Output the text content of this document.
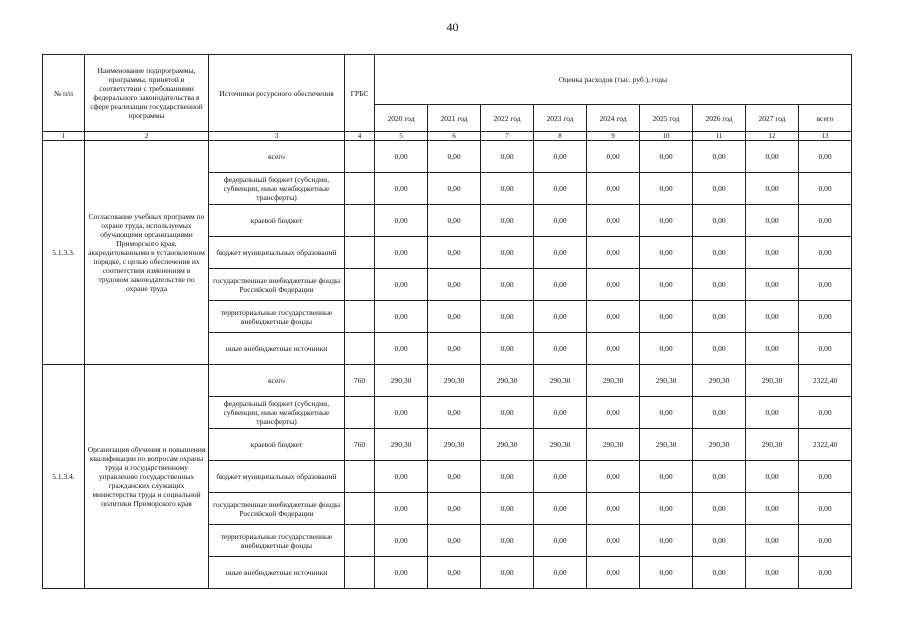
40
№ п/п	Наименование подпрограммы, программы, принятой в соответствии с требованиями федерального законодательства в сфере реализации государственной программы	Источники ресурсного обеспечения	ГРБС	Оценка расходов (тыс. руб.), годы								
				2020 год	2021 год	2022 год	2023 год	2024 год	2025 год	2026 год	2027 год	всего
1	2	3	4	5	6	7	8	9	10	11	12	13
5.1.3.3.	Согласование учебных программ по охране труда, используемых обучающими организациями Приморского края, аккредитованными в установленном порядке, с целью обеспечения их соответствия изменениям в трудовом законодательстве по охране труда	всего		0,00	0,00	0,00	0,00	0,00	0,00	0,00	0,00	0,00
		федеральный бюджет (субсидии, субвенции, иные межбюджетные трансферты)		0,00	0,00	0,00	0,00	0,00	0,00	0,00	0,00	0,00
		краевой бюджет		0,00	0,00	0,00	0,00	0,00	0,00	0,00	0,00	0,00
		бюджет муниципальных образований		0,00	0,00	0,00	0,00	0,00	0,00	0,00	0,00	0,00
		государственные внебюджетные фонды Российской Федерации		0,00	0,00	0,00	0,00	0,00	0,00	0,00	0,00	0,00
		территориальные государственные внебюджетные фонды		0,00	0,00	0,00	0,00	0,00	0,00	0,00	0,00	0,00
		иные внебюджетные источники		0,00	0,00	0,00	0,00	0,00	0,00	0,00	0,00	0,00
5.1.3.4.	Организация обучения и повышения квалификации по вопросам охраны труда и государственному управлению государственных гражданских служащих министерства труда и социальной политики Приморского края	всего	760	290,30	290,30	290,30	290,30	290,30	290,30	290,30	290,30	2322,40
		федеральный бюджет (субсидии, субвенции, иные межбюджетные трансферты)		0,00	0,00	0,00	0,00	0,00	0,00	0,00	0,00	0,00
		краевой бюджет	760	290,30	290,30	290,30	290,30	290,30	290,30	290,30	290,30	2322,40
		бюджет муниципальных образований		0,00	0,00	0,00	0,00	0,00	0,00	0,00	0,00	0,00
		государственные внебюджетные фонды Российской Федерации		0,00	0,00	0,00	0,00	0,00	0,00	0,00	0,00	0,00
		территориальные государственные внебюджетные фонды		0,00	0,00	0,00	0,00	0,00	0,00	0,00	0,00	0,00
		иные внебюджетные источники		0,00	0,00	0,00	0,00	0,00	0,00	0,00	0,00	0,00
